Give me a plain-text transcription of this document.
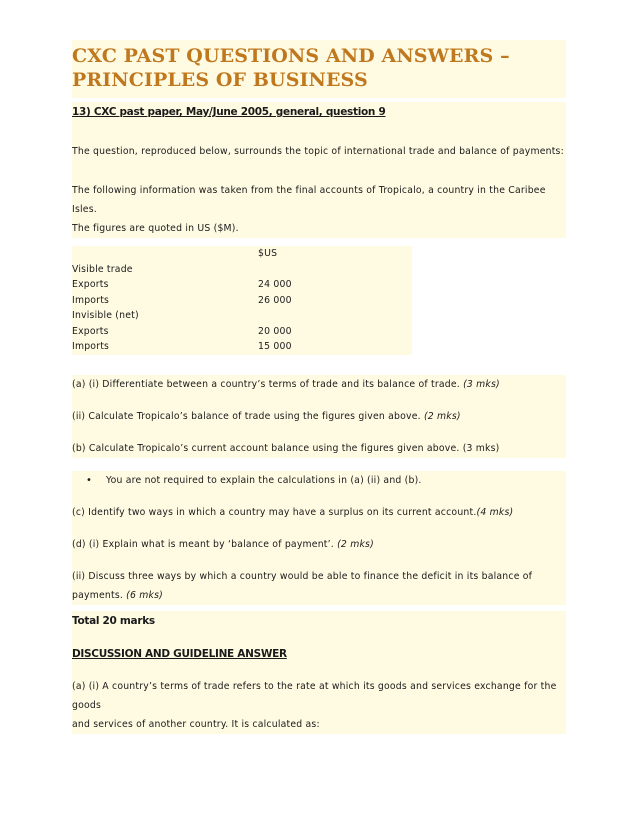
CXC PAST QUESTIONS AND ANSWERS –
PRINCIPLES OF BUSINESS
13) CXC past paper, May/June 2005, general, question 9
The question, reproduced below, surrounds the topic of international trade and balance of payments:
The following information was taken from the final accounts of Tropicalo, a country in the Caribee Isles.
The figures are quoted in US ($M).
	$US
Visible trade	
Exports	24 000
Imports	26 000
Invisible (net)	
Exports	20 000
Imports	15 000
(a) (i) Differentiate between a country’s terms of trade and its balance of trade. (3 mks)
(ii) Calculate Tropicalo’s balance of trade using the figures given above. (2 mks)
(b) Calculate Tropicalo’s current account balance using the figures given above. (3 mks)
• You are not required to explain the calculations in (a) (ii) and (b).
(c) Identify two ways in which a country may have a surplus on its current account.(4 mks)
(d) (i) Explain what is meant by ‘balance of payment’. (2 mks)
(ii) Discuss three ways by which a country would be able to finance the deficit in its balance of
payments. (6 mks)
Total 20 marks
DISCUSSION AND GUIDELINE ANSWER
(a) (i) A country’s terms of trade refers to the rate at which its goods and services exchange for the goods
and services of another country. It is calculated as:
